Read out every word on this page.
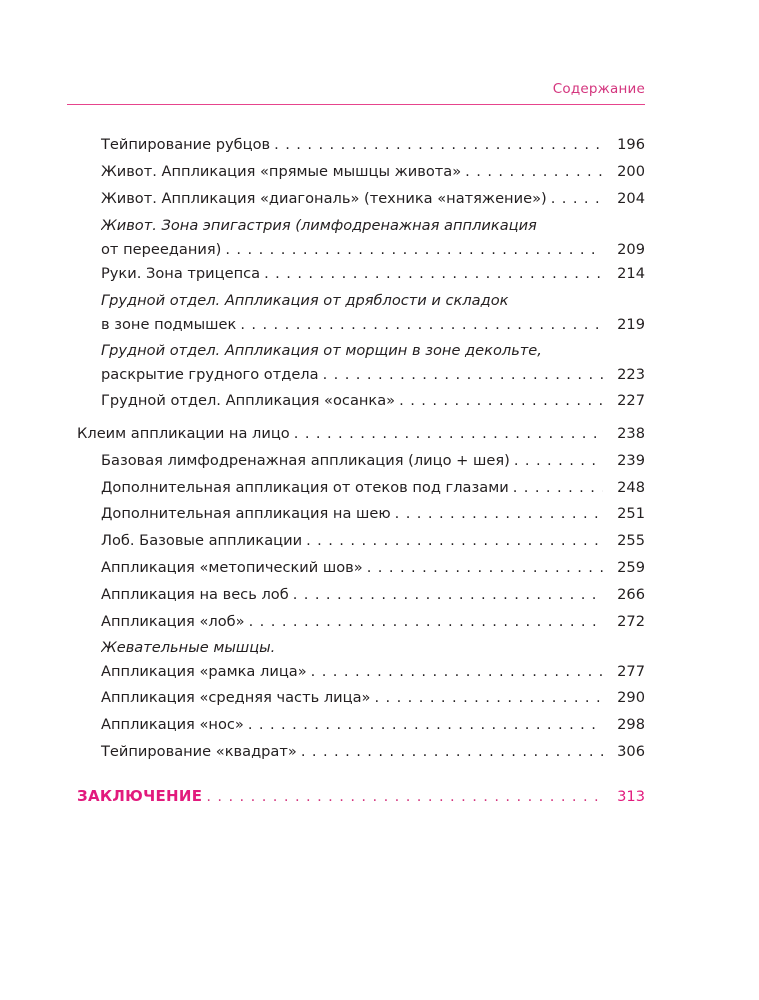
Содержание
Тейпирование рубцов . . .	196
Живот. Аппликация «прямые мышцы живота» . . .	200
Живот. Аппликация «диагональ» (техника «натяжение») . . .	204
Живот. Зона эпигастрия (лимфодренажная аппликация
от переедания) . . .	209
Руки. Зона трицепса . . .	214
Грудной отдел. Аппликация от дряблости и складок
в зоне подмышек . . .	219
Грудной отдел. Аппликация от морщин в зоне декольте,
раскрытие грудного отдела . . .	223
Грудной отдел. Аппликация «осанка» . . .	227
Клеим аппликации на лицо . . .	238
Базовая лимфодренажная аппликация (лицо + шея) . . .	239
Дополнительная аппликация от отеков под глазами . . .	248
Дополнительная аппликация на шею . . .	251
Лоб. Базовые аппликации . . .	255
Аппликация «метопический шов» . . .	259
Аппликация на весь лоб . . .	266
Аппликация «лоб» . . .	272
Жевательные мышцы.
Аппликация «рамка лица» . . .	277
Аппликация «средняя часть лица» . . .	290
Аппликация «нос» . . .	298
Тейпирование «квадрат» . . .	306
ЗАКЛЮЧЕНИЕ . . .	313
